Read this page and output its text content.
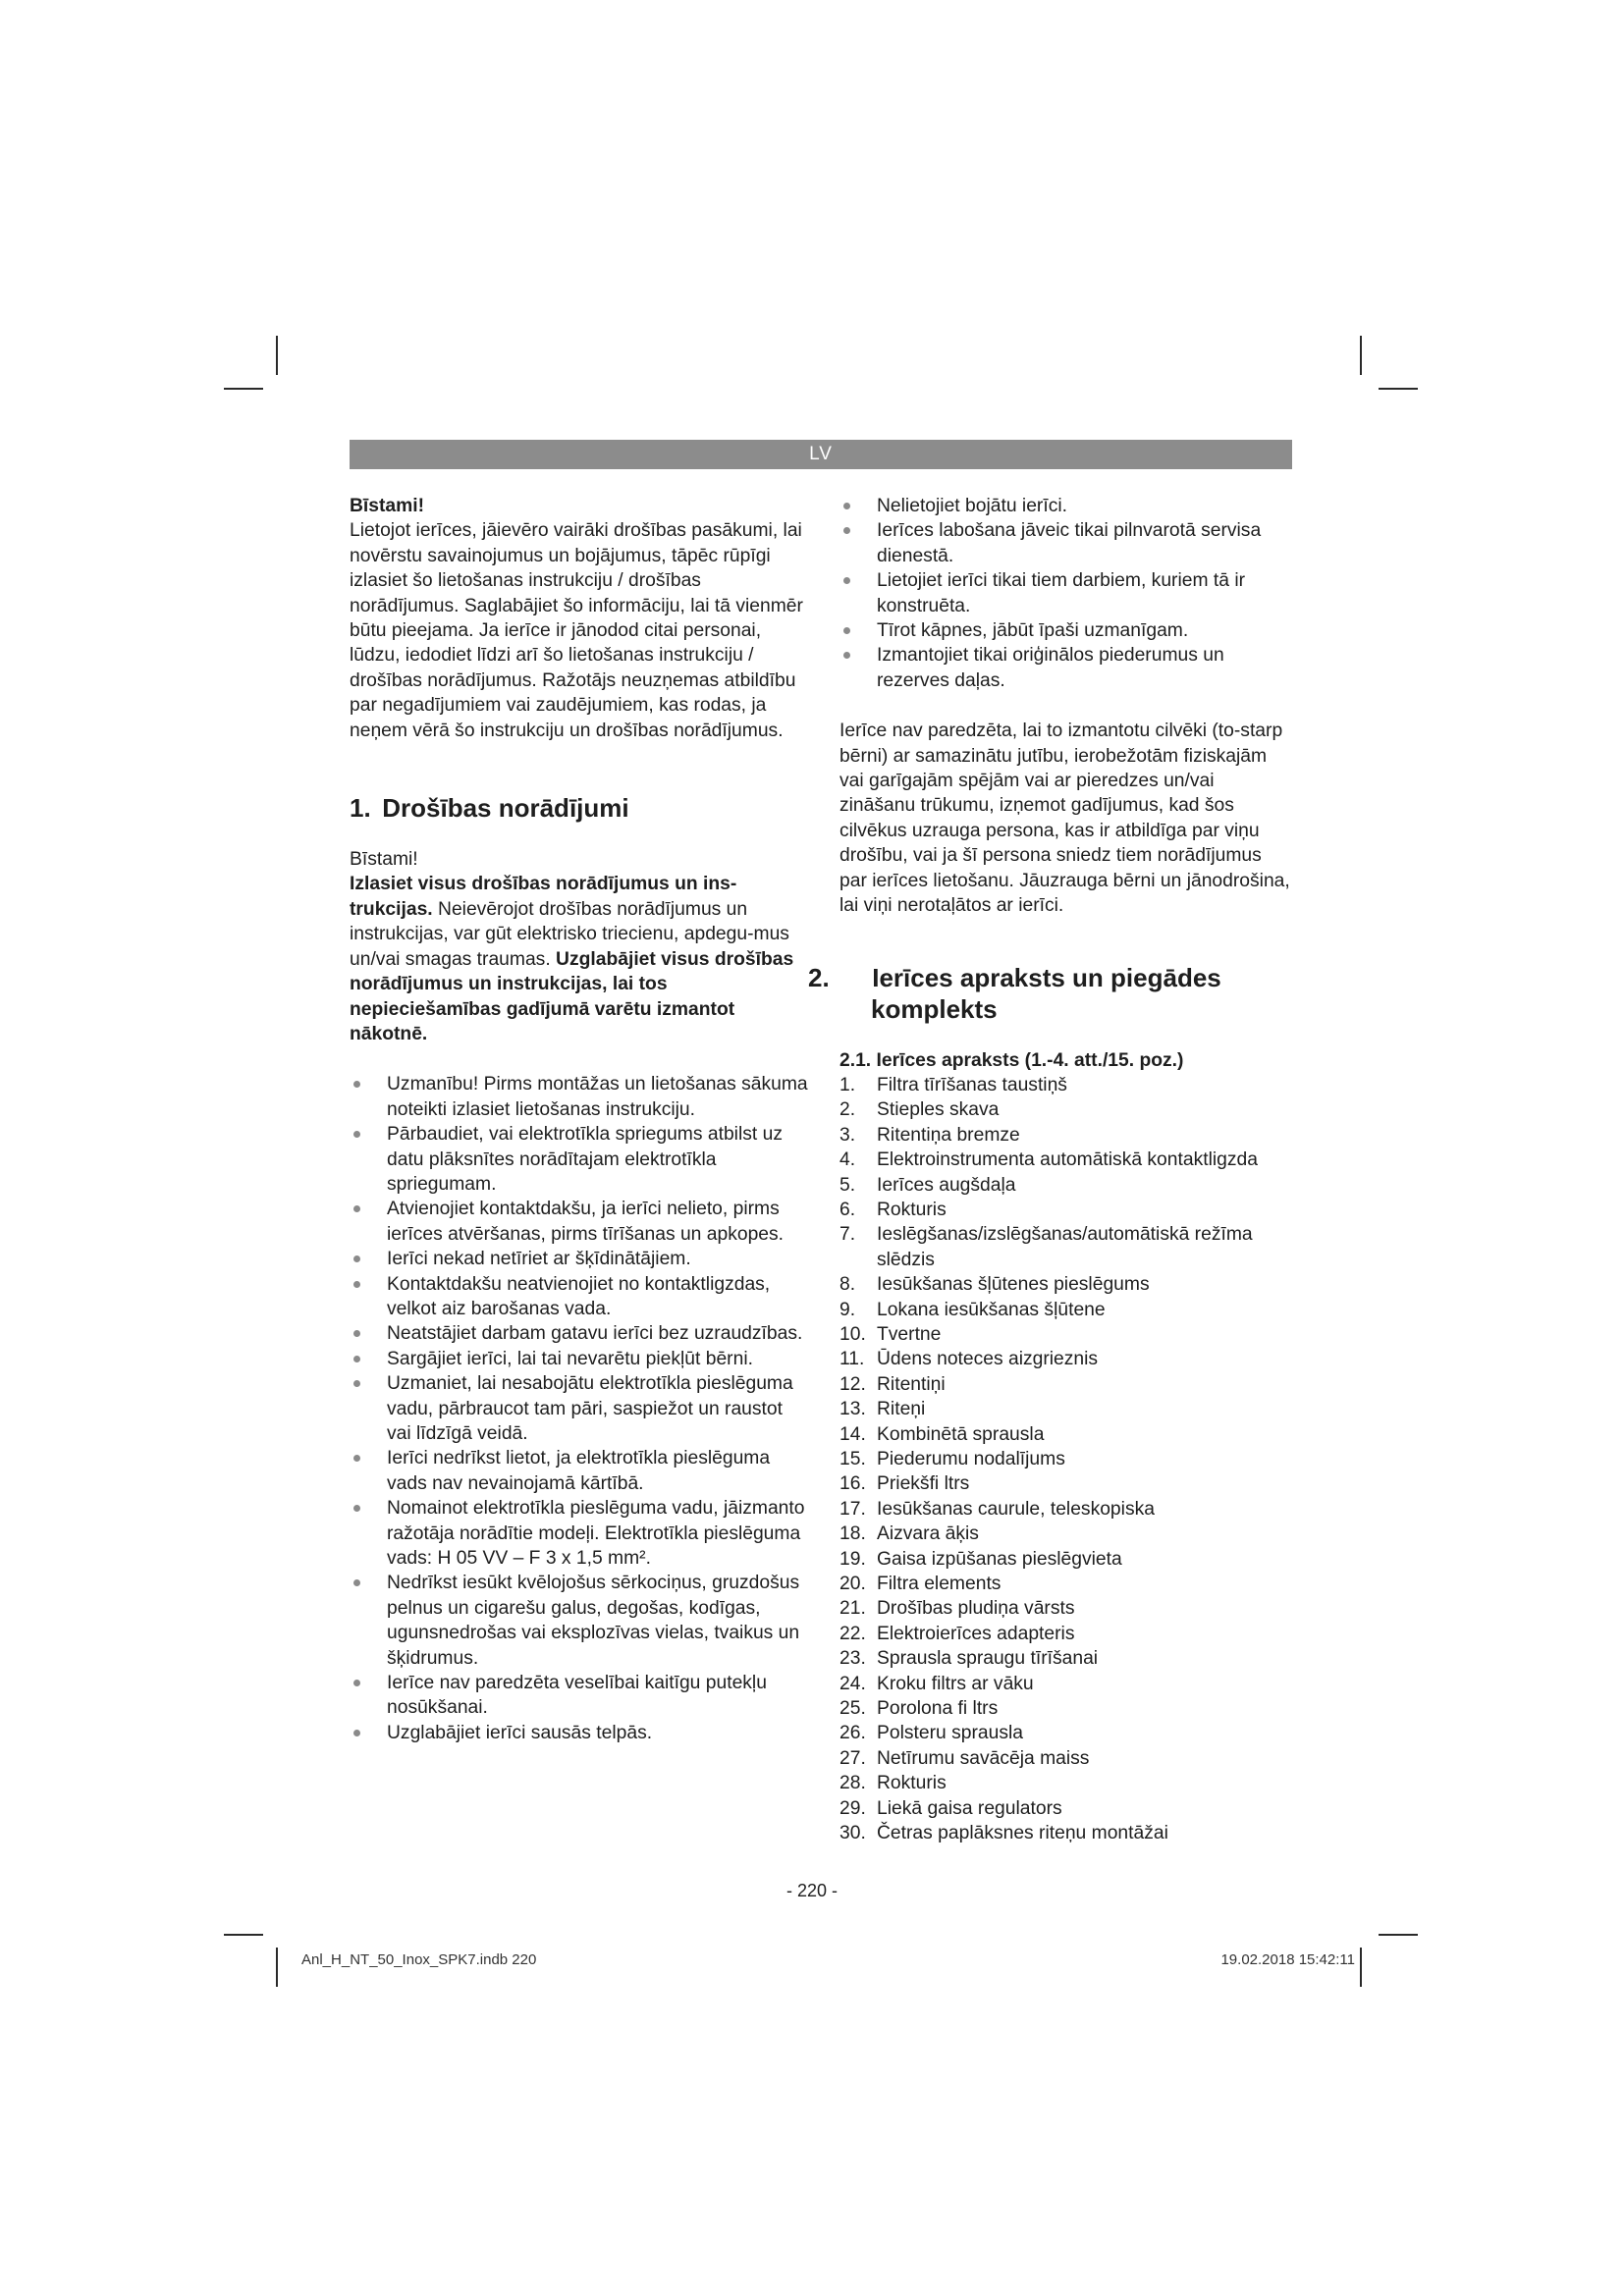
LV

Bīstami!

Lietojot ierīces, jāievēro vairāki drošības pasākumi, lai novērstu savainojumus un bojājumus, tāpēc rūpīgi izlasiet šo lietošanas instrukciju / drošības norādījumus. Saglabājiet šo informāciju, lai tā vienmēr būtu pieejama. Ja ierīce ir jānodod citai personai, lūdzu, iedodiet līdzi arī šo lietošanas instrukciju / drošības norādījumus. Ražotājs neuzņemas atbildību par negadījumiem vai zaudējumiem, kas rodas, ja neņem vērā šo instrukciju un drošības norādījumus.

1. Drošības norādījumi

Bīstami!

Izlasiet visus drošības norādījumus un ins-trukcijas. Neievērojot drošības norādījumus un instrukcijas, var gūt elektrisko triecienu, apdegu-mus un/vai smagas traumas. Uzglabājiet visus drošības norādījumus un instrukcijas, lai tos nepieciešamības gadījumā varētu izmantot nākotnē.

Uzmanību! Pirms montāžas un lietošanas sākuma noteikti izlasiet lietošanas instrukciju.
Pārbaudiet, vai elektrotīkla spriegums atbilst uz datu plāksnītes norādītajam elektrotīkla spriegumam.
Atvienojiet kontaktdakšu, ja ierīci nelieto, pirms ierīces atvēršanas, pirms tīrīšanas un apkopes.
Ierīci nekad netīriet ar šķīdinātājiem.
Kontaktdakšu neatvienojiet no kontaktligzdas, velkot aiz barošanas vada.
Neatstājiet darbam gatavu ierīci bez uzraudzības.
Sargājiet ierīci, lai tai nevarētu piekļūt bērni.
Uzmaniet, lai nesabojātu elektrotīkla pieslēguma vadu, pārbraucot tam pāri, saspiežot un raustot vai līdzīgā veidā.
Ierīci nedrīkst lietot, ja elektrotīkla pieslēguma vads nav nevainojamā kārtībā.
Nomainot elektrotīkla pieslēguma vadu, jāizmanto ražotāja norādītie modeļi. Elektrotīkla pieslēguma vads: H 05 VV – F 3 x 1,5 mm².
Nedrīkst iesūkt kvēlojošus sērkociņus, gruzdošus pelnus un cigarešu galus, degošas, kodīgas, ugunsnedrošas vai eksplozīvas vielas, tvaikus un šķidrumus.
Ierīce nav paredzēta veselībai kaitīgu putekļu nosūkšanai.
Uzglabājiet ierīci sausās telpās.
Nelietojiet bojātu ierīci.
Ierīces labošana jāveic tikai pilnvarotā servisa dienestā.
Lietojiet ierīci tikai tiem darbiem, kuriem tā ir konstruēta.
Tīrot kāpnes, jābūt īpaši uzmanīgam.
Izmantojiet tikai oriģinālos piederumus un rezerves daļas.

Ierīce nav paredzēta, lai to izmantotu cilvēki (to-starp bērni) ar samazinātu jutību, ierobežotām fiziskajām vai garīgajām spējām vai ar pieredzes un/vai zināšanu trūkumu, izņemot gadījumus, kad šos cilvēkus uzrauga persona, kas ir atbildīga par viņu drošību, vai ja šī persona sniedz tiem norādījumus par ierīces lietošanu. Jāuzrauga bērni un jānodrošina, lai viņi nerotaļātos ar ierīci.

2. Ierīces apraksts un piegādes komplekts

2.1. Ierīces apraksts (1.-4. att./15. poz.)

1.	Filtra tīrīšanas taustiņš
2.	Stieples skava
3.	Ritentiņa bremze
4.	Elektroinstrumenta automātiskā kontaktligzda
5.	Ierīces augšdaļa
6.	Rokturis
7.	Ieslēgšanas/izslēgšanas/automātiskā režīma slēdzis
8.	Iesūkšanas šļūtenes pieslēgums
9.	Lokana iesūkšanas šļūtene
10. Tvertne
11. Ūdens noteces aizgrieznis
12. Ritentiņi
13. Riteņi
14. Kombinētā sprausla
15. Piederumu nodalījums
16. Priekšfi ltrs
17. Iesūkšanas caurule, teleskopiska
18. Aizvara āķis
19. Gaisa izpūšanas pieslēgvieta
20. Filtra elements
21. Drošības pludiņa vārsts
22. Elektroierīces adapteris
23. Sprausla spraugu tīrīšanai
24. Kroku filtrs ar vāku
25. Porolona fi ltrs
26. Polsteru sprausla
27. Netīrumu savācēja maiss
28. Rokturis
29. Liekā gaisa regulators
30. Četras paplāksnes riteņu montāžai
- 220 -
Anl_H_NT_50_Inox_SPK7.indb 220	19.02.2018 15:42:11
